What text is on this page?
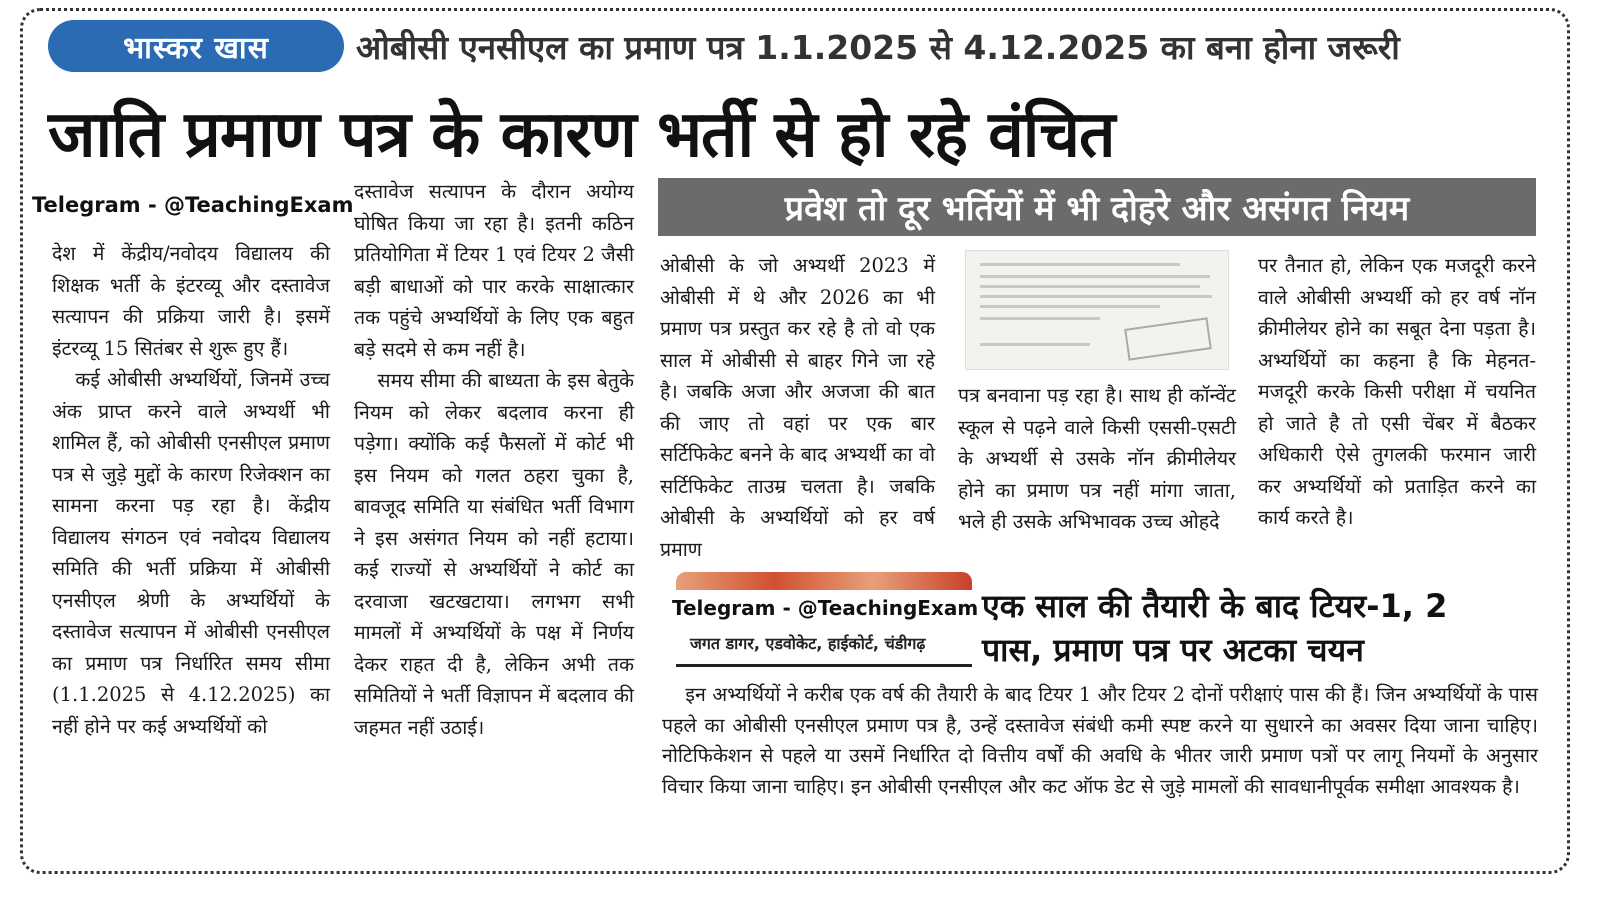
भास्कर खास	ओबीसी एनसीएल का प्रमाण पत्र 1.1.2025 से 4.12.2025 का बना होना जरूरी
जाति प्रमाण पत्र के कारण भर्ती से हो रहे वंचित
Telegram - @TeachingExam

देश में केंद्रीय/नवोदय विद्यालय की शिक्षक भर्ती के इंटरव्यू और दस्तावेज सत्यापन की प्रक्रिया जारी है। इसमें इंटरव्यू 15 सितंबर से शुरू हुए हैं।

कई ओबीसी अभ्यर्थियों, जिनमें उच्च अंक प्राप्त करने वाले अभ्यर्थी भी शामिल हैं, को ओबीसी एनसीएल प्रमाण पत्र से जुड़े मुद्दों के कारण रिजेक्शन का सामना करना पड़ रहा है। केंद्रीय विद्यालय संगठन एवं नवोदय विद्यालय समिति की भर्ती प्रक्रिया में ओबीसी एनसीएल श्रेणी के अभ्यर्थियों के दस्तावेज सत्यापन में ओबीसी एनसीएल का प्रमाण पत्र निर्धारित समय सीमा (1.1.2025 से 4.12.2025) का नहीं होने पर कई अभ्यर्थियों को

दस्तावेज सत्यापन के दौरान अयोग्य घोषित किया जा रहा है। इतनी कठिन प्रतियोगिता में टियर 1 एवं टियर 2 जैसी बड़ी बाधाओं को पार करके साक्षात्कार तक पहुंचे अभ्यर्थियों के लिए एक बहुत बड़े सदमे से कम नहीं है।

समय सीमा की बाध्यता के इस बेतुके नियम को लेकर बदलाव करना ही पड़ेगा। क्योंकि कई फैसलों में कोर्ट भी इस नियम को गलत ठहरा चुका है, बावजूद समिति या संबंधित भर्ती विभाग ने इस असंगत नियम को नहीं हटाया। कई राज्यों से अभ्यर्थियों ने कोर्ट का दरवाजा खटखटाया। लगभग सभी मामलों में अभ्यर्थियों के पक्ष में निर्णय देकर राहत दी है, लेकिन अभी तक समितियों ने भर्ती विज्ञापन में बदलाव की जहमत नहीं उठाई।

प्रवेश तो दूर भर्तियों में भी दोहरे और असंगत नियम

ओबीसी के जो अभ्यर्थी 2023 में ओबीसी में थे और 2026 का भी प्रमाण पत्र प्रस्तुत कर रहे है तो वो एक साल में ओबीसी से बाहर गिने जा रहे है। जबकि अजा और अजजा की बात की जाए तो वहां पर एक बार सर्टिफिकेट बनने के बाद अभ्यर्थी का वो सर्टिफिकेट ताउम्र चलता है। जबकि ओबीसी के अभ्यर्थियों को हर वर्ष प्रमाण

पत्र बनवाना पड़ रहा है। साथ ही कॉन्वेंट स्कूल से पढ़ने वाले किसी एससी-एसटी के अभ्यर्थी से उसके नॉन क्रीमीलेयर होने का प्रमाण पत्र नहीं मांगा जाता, भले ही उसके अभिभावक उच्च ओहदे

पर तैनात हो, लेकिन एक मजदूरी करने वाले ओबीसी अभ्यर्थी को हर वर्ष नॉन क्रीमीलेयर होने का सबूत देना पड़ता है। अभ्यर्थियों का कहना है कि मेहनत-मजदूरी करके किसी परीक्षा में चयनित हो जाते है तो एसी चेंबर में बैठकर अधिकारी ऐसे तुगलकी फरमान जारी कर अभ्यर्थियों को प्रताड़ित करने का कार्य करते है।

जगत डागर, एडवोकेट, हाईकोर्ट, चंडीगढ़
Telegram - @TeachingExam एक साल की तैयारी के बाद टियर-1, 2
पास, प्रमाण पत्र पर अटका चयन
इन अभ्यर्थियों ने करीब एक वर्ष की तैयारी के बाद टियर 1 और टियर 2 दोनों परीक्षाएं पास की हैं। जिन अभ्यर्थियों के पास पहले का ओबीसी एनसीएल प्रमाण पत्र है, उन्हें दस्तावेज संबंधी कमी स्पष्ट करने या सुधारने का अवसर दिया जाना चाहिए। नोटिफिकेशन से पहले या उसमें निर्धारित दो वित्तीय वर्षों की अवधि के भीतर जारी प्रमाण पत्रों पर लागू नियमों के अनुसार विचार किया जाना चाहिए। इन ओबीसी एनसीएल और कट ऑफ डेट से जुड़े मामलों की सावधानीपूर्वक समीक्षा आवश्यक है।
